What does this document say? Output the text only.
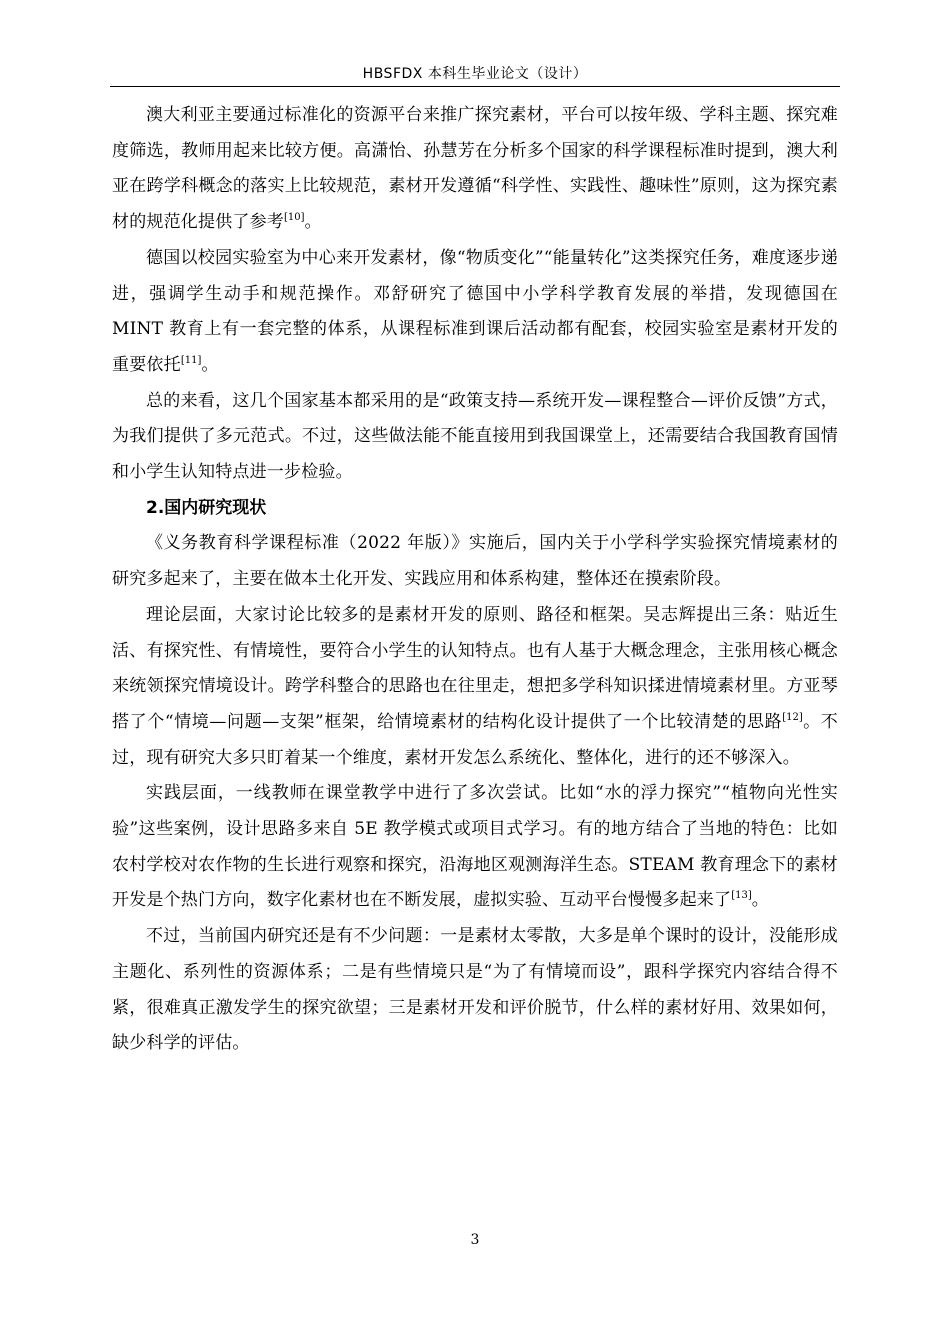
HBSFDX 本科生毕业论文（设计）

澳大利亚主要通过标准化的资源平台来推广探究素材，平台可以按年级、学科主题、探究难度筛选，教师用起来比较方便。高潇怡、孙慧芳在分析多个国家的科学课程标准时提到，澳大利亚在跨学科概念的落实上比较规范，素材开发遵循“科学性、实践性、趣味性”原则，这为探究素材的规范化提供了参考[10]。

德国以校园实验室为中心来开发素材，像“物质变化”“能量转化”这类探究任务，难度逐步递进，强调学生动手和规范操作。邓舒研究了德国中小学科学教育发展的举措，发现德国在 MINT 教育上有一套完整的体系，从课程标准到课后活动都有配套，校园实验室是素材开发的重要依托[11]。

总的来看，这几个国家基本都采用的是“政策支持—系统开发—课程整合—评价反馈”方式，为我们提供了多元范式。不过，这些做法能不能直接用到我国课堂上，还需要结合我国教育国情和小学生认知特点进一步检验。

2.国内研究现状

《义务教育科学课程标准（2022 年版）》实施后，国内关于小学科学实验探究情境素材的研究多起来了，主要在做本土化开发、实践应用和体系构建，整体还在摸索阶段。

理论层面，大家讨论比较多的是素材开发的原则、路径和框架。吴志辉提出三条：贴近生活、有探究性、有情境性，要符合小学生的认知特点。也有人基于大概念理念，主张用核心概念来统领探究情境设计。跨学科整合的思路也在往里走，想把多学科知识揉进情境素材里。方亚琴搭了个“情境—问题—支架”框架，给情境素材的结构化设计提供了一个比较清楚的思路[12]。不过，现有研究大多只盯着某一个维度，素材开发怎么系统化、整体化，进行的还不够深入。

实践层面，一线教师在课堂教学中进行了多次尝试。比如“水的浮力探究”“植物向光性实验”这些案例，设计思路多来自 5E 教学模式或项目式学习。有的地方结合了当地的特色：比如农村学校对农作物的生长进行观察和探究，沿海地区观测海洋生态。STEAM 教育理念下的素材开发是个热门方向，数字化素材也在不断发展，虚拟实验、互动平台慢慢多起来了[13]。

不过，当前国内研究还是有不少问题：一是素材太零散，大多是单个课时的设计，没能形成主题化、系列性的资源体系；二是有些情境只是“为了有情境而设”，跟科学探究内容结合得不紧，很难真正激发学生的探究欲望；三是素材开发和评价脱节，什么样的素材好用、效果如何，缺少科学的评估。

3
